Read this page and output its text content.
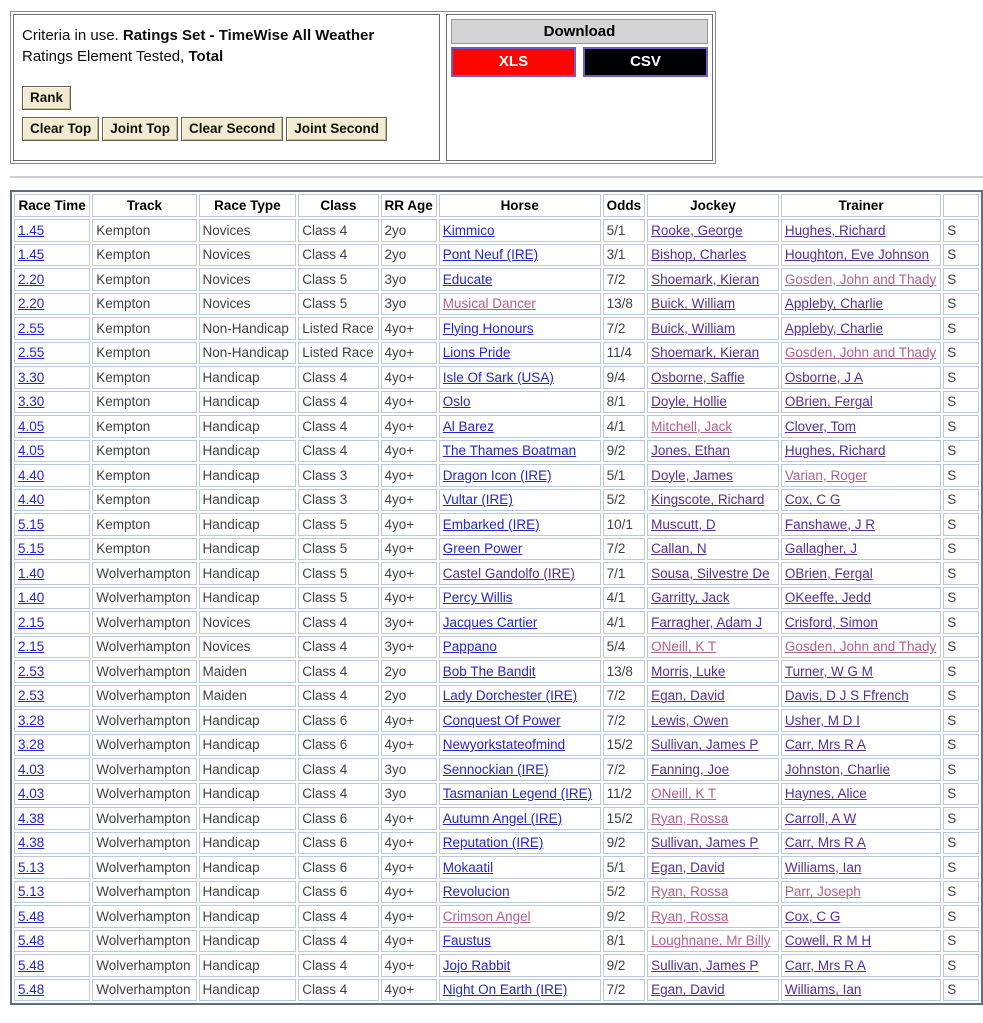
Criteria in use. Ratings Set - TimeWise All Weather
Ratings Element Tested, Total
Rank
Clear Top Joint Top Clear Second Joint Second
Download
XLS	CSV
Race Time	Track	Race Type	Class	RR Age	Horse	Odds	Jockey	Trainer	
1.45	Kempton	Novices	Class 4	2yo	Kimmico	5/1	Rooke, George	Hughes, Richard	S
1.45	Kempton	Novices	Class 4	2yo	Pont Neuf (IRE)	3/1	Bishop, Charles	Houghton, Eve Johnson	S
2.20	Kempton	Novices	Class 5	3yo	Educate	7/2	Shoemark, Kieran	Gosden, John and Thady	S
2.20	Kempton	Novices	Class 5	3yo	Musical Dancer	13/8	Buick, William	Appleby, Charlie	S
2.55	Kempton	Non-Handicap	Listed Race	4yo+	Flying Honours	7/2	Buick, William	Appleby, Charlie	S
2.55	Kempton	Non-Handicap	Listed Race	4yo+	Lions Pride	11/4	Shoemark, Kieran	Gosden, John and Thady	S
3.30	Kempton	Handicap	Class 4	4yo+	Isle Of Sark (USA)	9/4	Osborne, Saffie	Osborne, J A	S
3.30	Kempton	Handicap	Class 4	4yo+	Oslo	8/1	Doyle, Hollie	OBrien, Fergal	S
4.05	Kempton	Handicap	Class 4	4yo+	Al Barez	4/1	Mitchell, Jack	Clover, Tom	S
4.05	Kempton	Handicap	Class 4	4yo+	The Thames Boatman	9/2	Jones, Ethan	Hughes, Richard	S
4.40	Kempton	Handicap	Class 3	4yo+	Dragon Icon (IRE)	5/1	Doyle, James	Varian, Roger	S
4.40	Kempton	Handicap	Class 3	4yo+	Vultar (IRE)	5/2	Kingscote, Richard	Cox, C G	S
5.15	Kempton	Handicap	Class 5	4yo+	Embarked (IRE)	10/1	Muscutt, D	Fanshawe, J R	S
5.15	Kempton	Handicap	Class 5	4yo+	Green Power	7/2	Callan, N	Gallagher, J	S
1.40	Wolverhampton	Handicap	Class 5	4yo+	Castel Gandolfo (IRE)	7/1	Sousa, Silvestre De	OBrien, Fergal	S
1.40	Wolverhampton	Handicap	Class 5	4yo+	Percy Willis	4/1	Garritty, Jack	OKeeffe, Jedd	S
2.15	Wolverhampton	Novices	Class 4	3yo+	Jacques Cartier	4/1	Farragher, Adam J	Crisford, Simon	S
2.15	Wolverhampton	Novices	Class 4	3yo+	Pappano	5/4	ONeill, K T	Gosden, John and Thady	S
2.53	Wolverhampton	Maiden	Class 4	2yo	Bob The Bandit	13/8	Morris, Luke	Turner, W G M	S
2.53	Wolverhampton	Maiden	Class 4	2yo	Lady Dorchester (IRE)	7/2	Egan, David	Davis, D J S Ffrench	S
3.28	Wolverhampton	Handicap	Class 6	4yo+	Conquest Of Power	7/2	Lewis, Owen	Usher, M D I	S
3.28	Wolverhampton	Handicap	Class 6	4yo+	Newyorkstateofmind	15/2	Sullivan, James P	Carr, Mrs R A	S
4.03	Wolverhampton	Handicap	Class 4	3yo	Sennockian (IRE)	7/2	Fanning, Joe	Johnston, Charlie	S
4.03	Wolverhampton	Handicap	Class 4	3yo	Tasmanian Legend (IRE)	11/2	ONeill, K T	Haynes, Alice	S
4.38	Wolverhampton	Handicap	Class 6	4yo+	Autumn Angel (IRE)	15/2	Ryan, Rossa	Carroll, A W	S
4.38	Wolverhampton	Handicap	Class 6	4yo+	Reputation (IRE)	9/2	Sullivan, James P	Carr, Mrs R A	S
5.13	Wolverhampton	Handicap	Class 6	4yo+	Mokaatil	5/1	Egan, David	Williams, Ian	S
5.13	Wolverhampton	Handicap	Class 6	4yo+	Revolucion	5/2	Ryan, Rossa	Parr, Joseph	S
5.48	Wolverhampton	Handicap	Class 4	4yo+	Crimson Angel	9/2	Ryan, Rossa	Cox, C G	S
5.48	Wolverhampton	Handicap	Class 4	4yo+	Faustus	8/1	Loughnane, Mr Billy	Cowell, R M H	S
5.48	Wolverhampton	Handicap	Class 4	4yo+	Jojo Rabbit	9/2	Sullivan, James P	Carr, Mrs R A	S
5.48	Wolverhampton	Handicap	Class 4	4yo+	Night On Earth (IRE)	7/2	Egan, David	Williams, Ian	S
